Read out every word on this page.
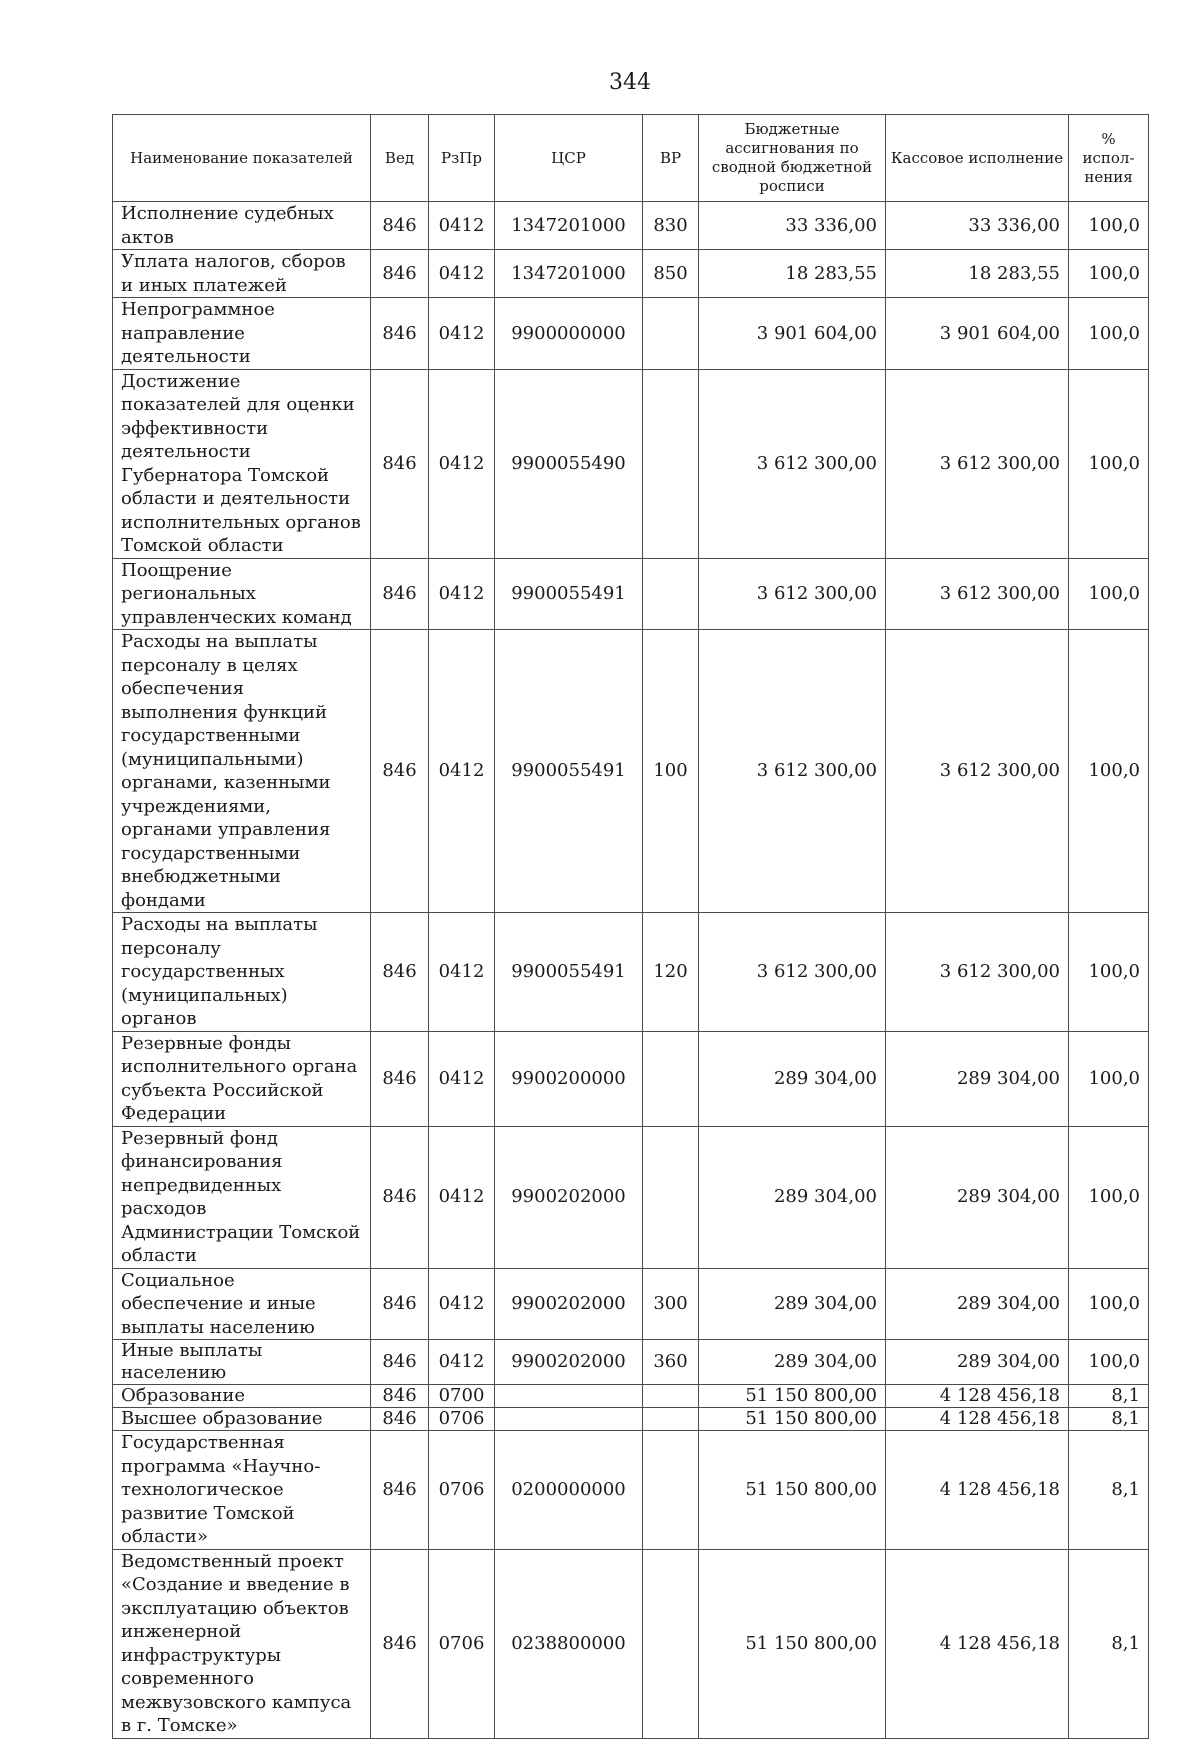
344
Наименование показателей	Вед	РзПр	ЦСР	ВР	Бюджетные ассигнования по сводной бюджетной росписи	Кассовое исполнение	% испол-нения
Исполнение судебных актов	846	0412	1347201000	830	33 336,00	33 336,00	100,0
Уплата налогов, сборов и иных платежей	846	0412	1347201000	850	18 283,55	18 283,55	100,0
Непрограммное направление деятельности	846	0412	9900000000		3 901 604,00	3 901 604,00	100,0
Достижение показателей для оценки эффективности деятельности Губернатора Томской области и деятельности исполнительных органов Томской области	846	0412	9900055490		3 612 300,00	3 612 300,00	100,0
Поощрение региональных управленческих команд	846	0412	9900055491		3 612 300,00	3 612 300,00	100,0
Расходы на выплаты персоналу в целях обеспечения выполнения функций государственными (муниципальными) органами, казенными учреждениями, органами управления государственными внебюджетными фондами	846	0412	9900055491	100	3 612 300,00	3 612 300,00	100,0
Расходы на выплаты персоналу государственных (муниципальных) органов	846	0412	9900055491	120	3 612 300,00	3 612 300,00	100,0
Резервные фонды исполнительного органа субъекта Российской Федерации	846	0412	9900200000		289 304,00	289 304,00	100,0
Резервный фонд финансирования непредвиденных расходов Администрации Томской области	846	0412	9900202000		289 304,00	289 304,00	100,0
Социальное обеспечение и иные выплаты населению	846	0412	9900202000	300	289 304,00	289 304,00	100,0
Иные выплаты населению	846	0412	9900202000	360	289 304,00	289 304,00	100,0
Образование	846	0700			51 150 800,00	4 128 456,18	8,1
Высшее образование	846	0706			51 150 800,00	4 128 456,18	8,1
Государственная программа «Научно-технологическое развитие Томской области»	846	0706	0200000000		51 150 800,00	4 128 456,18	8,1
Ведомственный проект «Создание и введение в эксплуатацию объектов инженерной инфраструктуры современного межвузовского кампуса в г. Томске»	846	0706	0238800000		51 150 800,00	4 128 456,18	8,1
